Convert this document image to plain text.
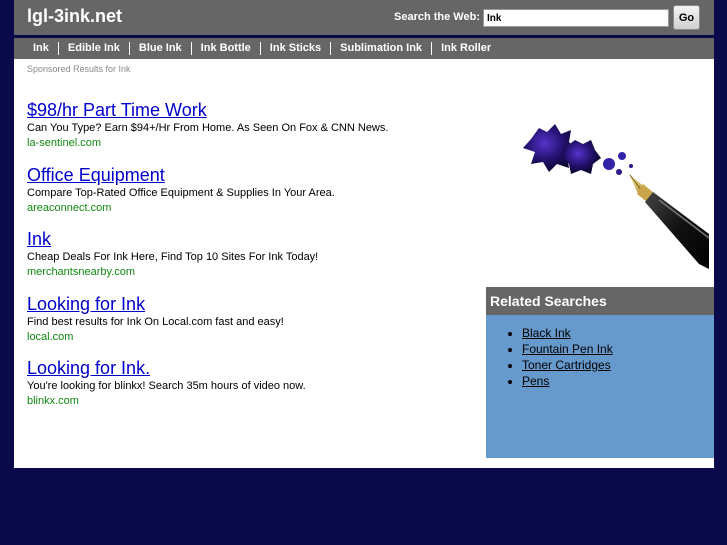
lgl-3ink.net	Search the Web:
Ink	Go
Ink	Edible Ink	Blue Ink	Ink Bottle	Ink Sticks	Sublimation Ink	Ink Roller
Sponsored Results for Ink
$98/hr Part Time Work
Can You Type? Earn $94+/Hr From Home. As Seen On Fox & CNN News.
la-sentinel.com
Office Equipment
Compare Top-Rated Office Equipment & Supplies In Your Area.
areaconnect.com
Ink
Cheap Deals For Ink Here, Find Top 10 Sites For Ink Today!
merchantsnearby.com
Looking for Ink
Find best results for Ink On Local.com fast and easy!
local.com
Looking for Ink.
You're looking for blinkx! Search 35m hours of video now.
blinkx.com
Related Searches
• Black Ink
• Fountain Pen Ink
• Toner Cartridges
• Pens
